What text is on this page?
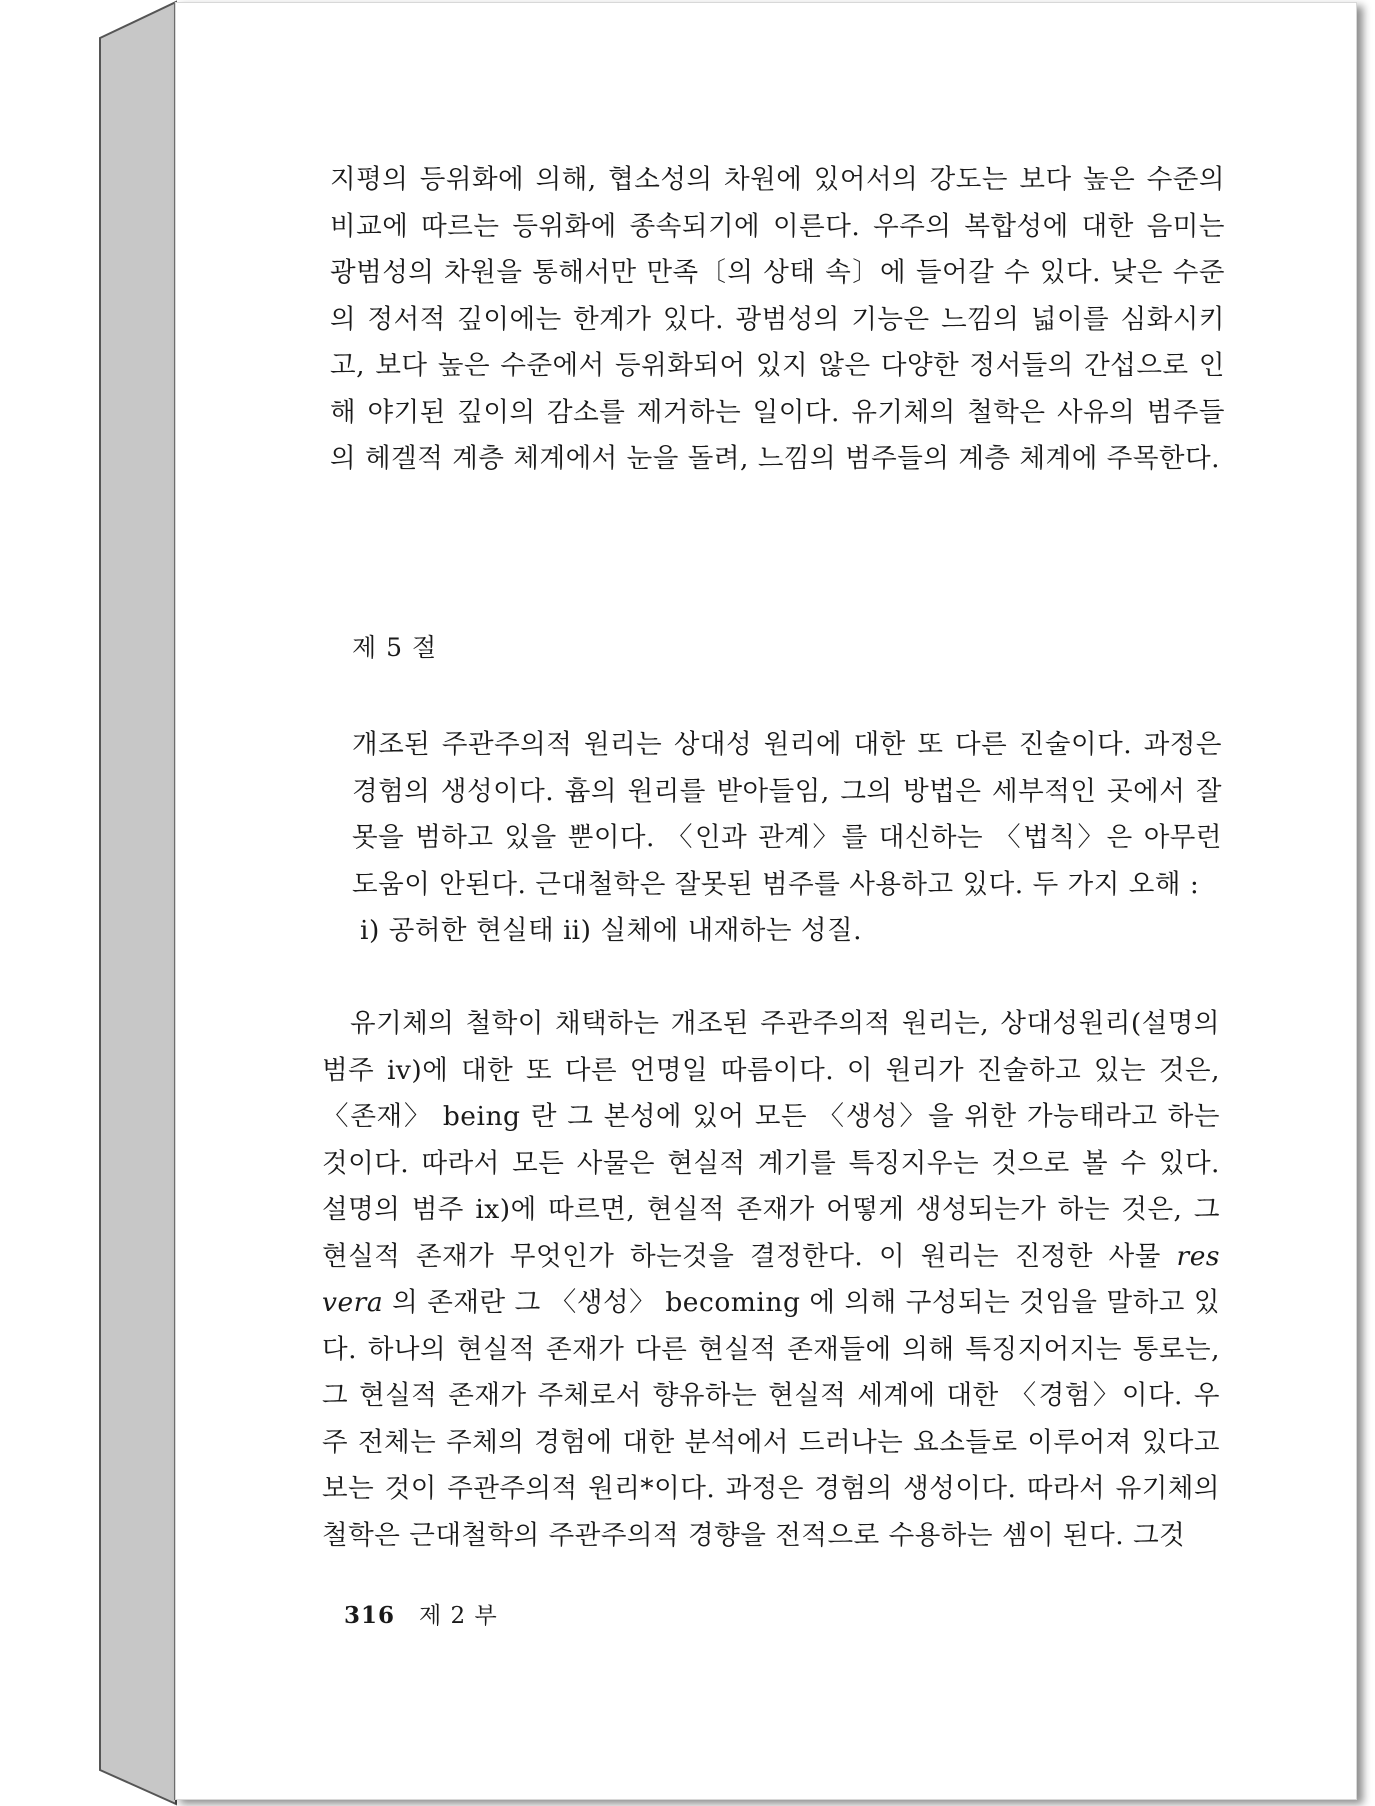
지평의 등위화에 의해, 협소성의 차원에 있어서의 강도는 보다 높은 수준의 비교에 따르는 등위화에 종속되기에 이른다. 우주의 복합성에 대한 음미는 광범성의 차원을 통해서만 만족〔의 상태 속〕에 들어갈 수 있다. 낮은 수준의 정서적 깊이에는 한계가 있다. 광범성의 기능은 느낌의 넓이를 심화시키고, 보다 높은 수준에서 등위화되어 있지 않은 다양한 정서들의 간섭으로 인해 야기된 깊이의 감소를 제거하는 일이다. 유기체의 철학은 사유의 범주들의 헤겔적 계층 체계에서 눈을 돌려, 느낌의 범주들의 계층 체계에 주목한다.

제 5 절

개조된 주관주의적 원리는 상대성 원리에 대한 또 다른 진술이다. 과정은 경험의 생성이다. 흄의 원리를 받아들임, 그의 방법은 세부적인 곳에서 잘못을 범하고 있을 뿐이다. 〈인과 관계〉를 대신하는 〈법칙〉은 아무런 도움이 안된다. 근대철학은 잘못된 범주를 사용하고 있다. 두 가지 오해 :

ⅰ) 공허한 현실태 ⅱ) 실체에 내재하는 성질.

유기체의 철학이 채택하는 개조된 주관주의적 원리는, 상대성원리(설명의 범주 iv)에 대한 또 다른 언명일 따름이다. 이 원리가 진술하고 있는 것은, 〈존재〉 being 란 그 본성에 있어 모든 〈생성〉을 위한 가능태라고 하는 것이다. 따라서 모든 사물은 현실적 계기를 특징지우는 것으로 볼 수 있다. 설명의 범주 ix)에 따르면, 현실적 존재가 어떻게 생성되는가 하는 것은, 그 현실적 존재가 무엇인가 하는것을 결정한다. 이 원리는 진정한 사물 res vera 의 존재란 그 〈생성〉 becoming 에 의해 구성되는 것임을 말하고 있다. 하나의 현실적 존재가 다른 현실적 존재들에 의해 특징지어지는 통로는, 그 현실적 존재가 주체로서 향유하는 현실적 세계에 대한 〈경험〉이다. 우주 전체는 주체의 경험에 대한 분석에서 드러나는 요소들로 이루어져 있다고 보는 것이 주관주의적 원리*이다. 과정은 경험의 생성이다. 따라서 유기체의 철학은 근대철학의 주관주의적 경향을 전적으로 수용하는 셈이 된다. 그것

316 제 2 부
